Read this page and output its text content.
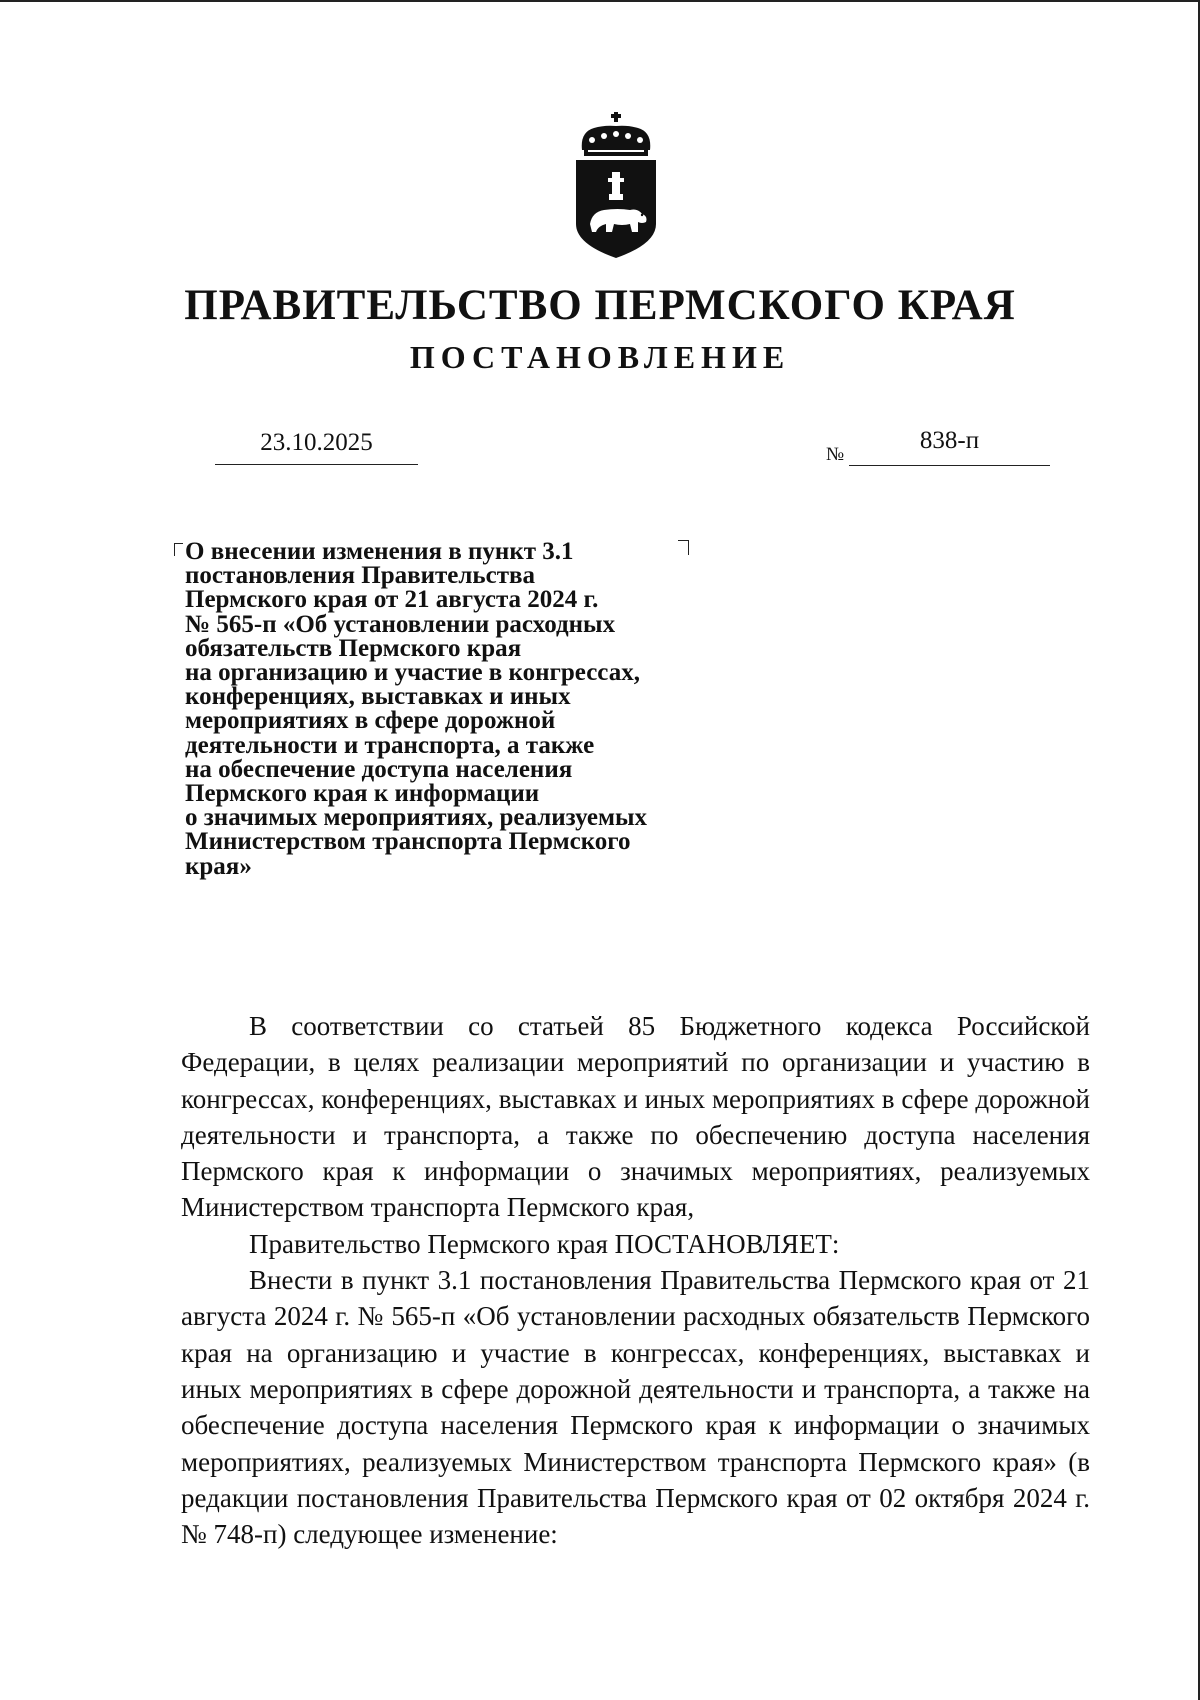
ПРАВИТЕЛЬСТВО ПЕРМСКОГО КРАЯ
ПОСТАНОВЛЕНИЕ
23.10.2025	№
838-п
О внесении изменения в пункт 3.1
постановления Правительства
Пермского края от 21 августа 2024 г.
№ 565-п «Об установлении расходных
обязательств Пермского края
на организацию и участие в конгрессах,
конференциях, выставках и иных
мероприятиях в сфере дорожной
деятельности и транспорта, а также
на обеспечение доступа населения
Пермского края к информации
о значимых мероприятиях, реализуемых
Министерством транспорта Пермского
края»

В соответствии со статьей 85 Бюджетного кодекса Российской Федерации, в целях реализации мероприятий по организации и участию в конгрессах, конференциях, выставках и иных мероприятиях в сфере дорожной деятельности и транспорта, а также по обеспечению доступа населения Пермского края к информации о значимых мероприятиях, реализуемых Министерством транспорта Пермского края,

Правительство Пермского края ПОСТАНОВЛЯЕТ:

Внести в пункт 3.1 постановления Правительства Пермского края от 21 августа 2024 г. № 565-п «Об установлении расходных обязательств Пермского края на организацию и участие в конгрессах, конференциях, выставках и иных мероприятиях в сфере дорожной деятельности и транспорта, а также на обеспечение доступа населения Пермского края к информации о значимых мероприятиях, реализуемых Министерством транспорта Пермского края» (в редакции постановления Правительства Пермского края от 02 октября 2024 г. № 748-п) следующее изменение:
